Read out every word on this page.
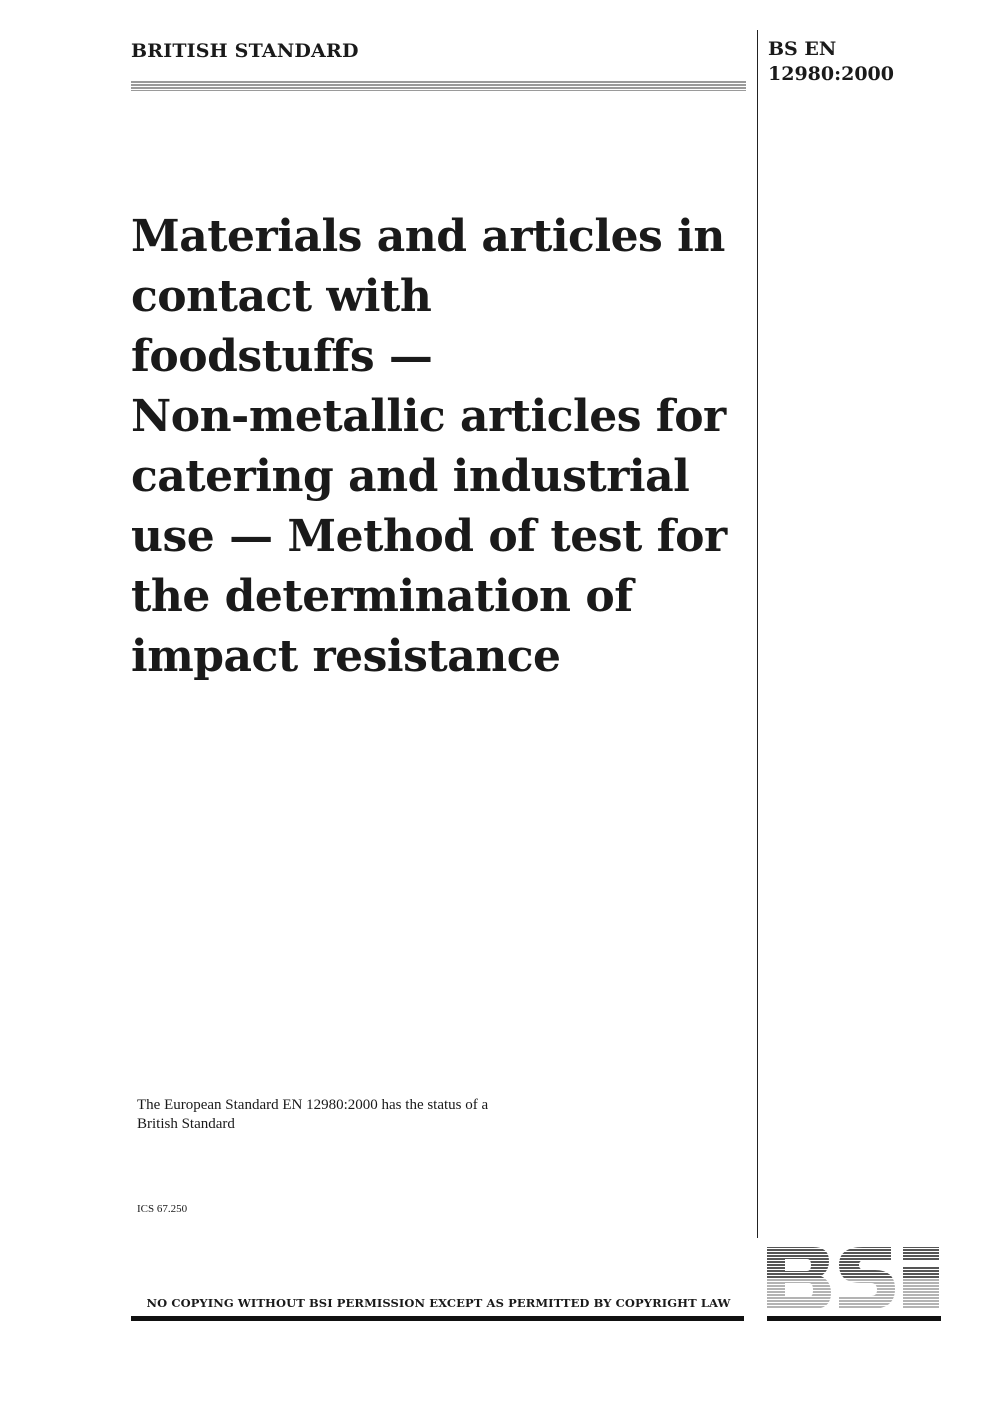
BRITISH STANDARD	BS EN
12980:2000
Materials and articles in
contact with
foodstuffs —
Non-metallic articles for
catering and industrial
use — Method of test for
the determination of
impact resistance
The European Standard EN 12980:2000 has the status of a
British Standard
ICS 67.250
NO COPYING WITHOUT BSI PERMISSION EXCEPT AS PERMITTED BY COPYRIGHT LAW
